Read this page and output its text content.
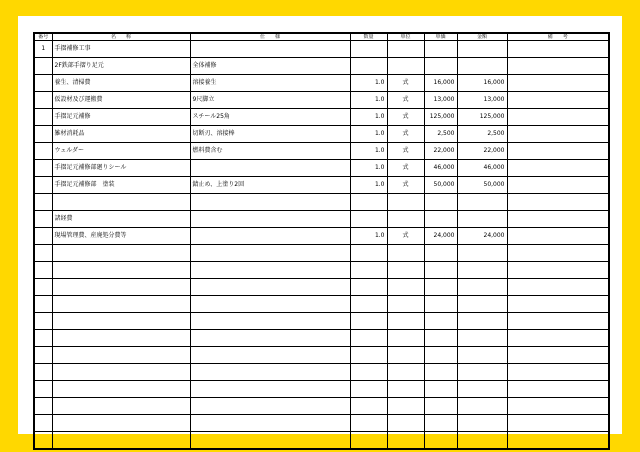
番号	名　　称	仕　　様	数量	単位	単価	金額	備　　考
1	手摺補修工事						
	2F鉄部手摺り足元	全体補修					
	養生、清掃費	溶接養生	1.0	式	16,000	16,000	
	仮設材及び運搬費	9尺脚立	1.0	式	13,000	13,000	
	手摺足元補修	スチール25角	1.0	式	125,000	125,000	
	雑材消耗品	切断刃、溶接棒	1.0	式	2,500	2,500	
	ウェルダー	燃料費含む	1.0	式	22,000	22,000	
	手摺足元補修部廻りシール		1.0	式	46,000	46,000	
	手摺足元補修部　塗装	錆止め、上塗り2回	1.0	式	50,000	50,000	

	諸経費						
	現場管理費、産廃処分費等		1.0	式	24,000	24,000	
